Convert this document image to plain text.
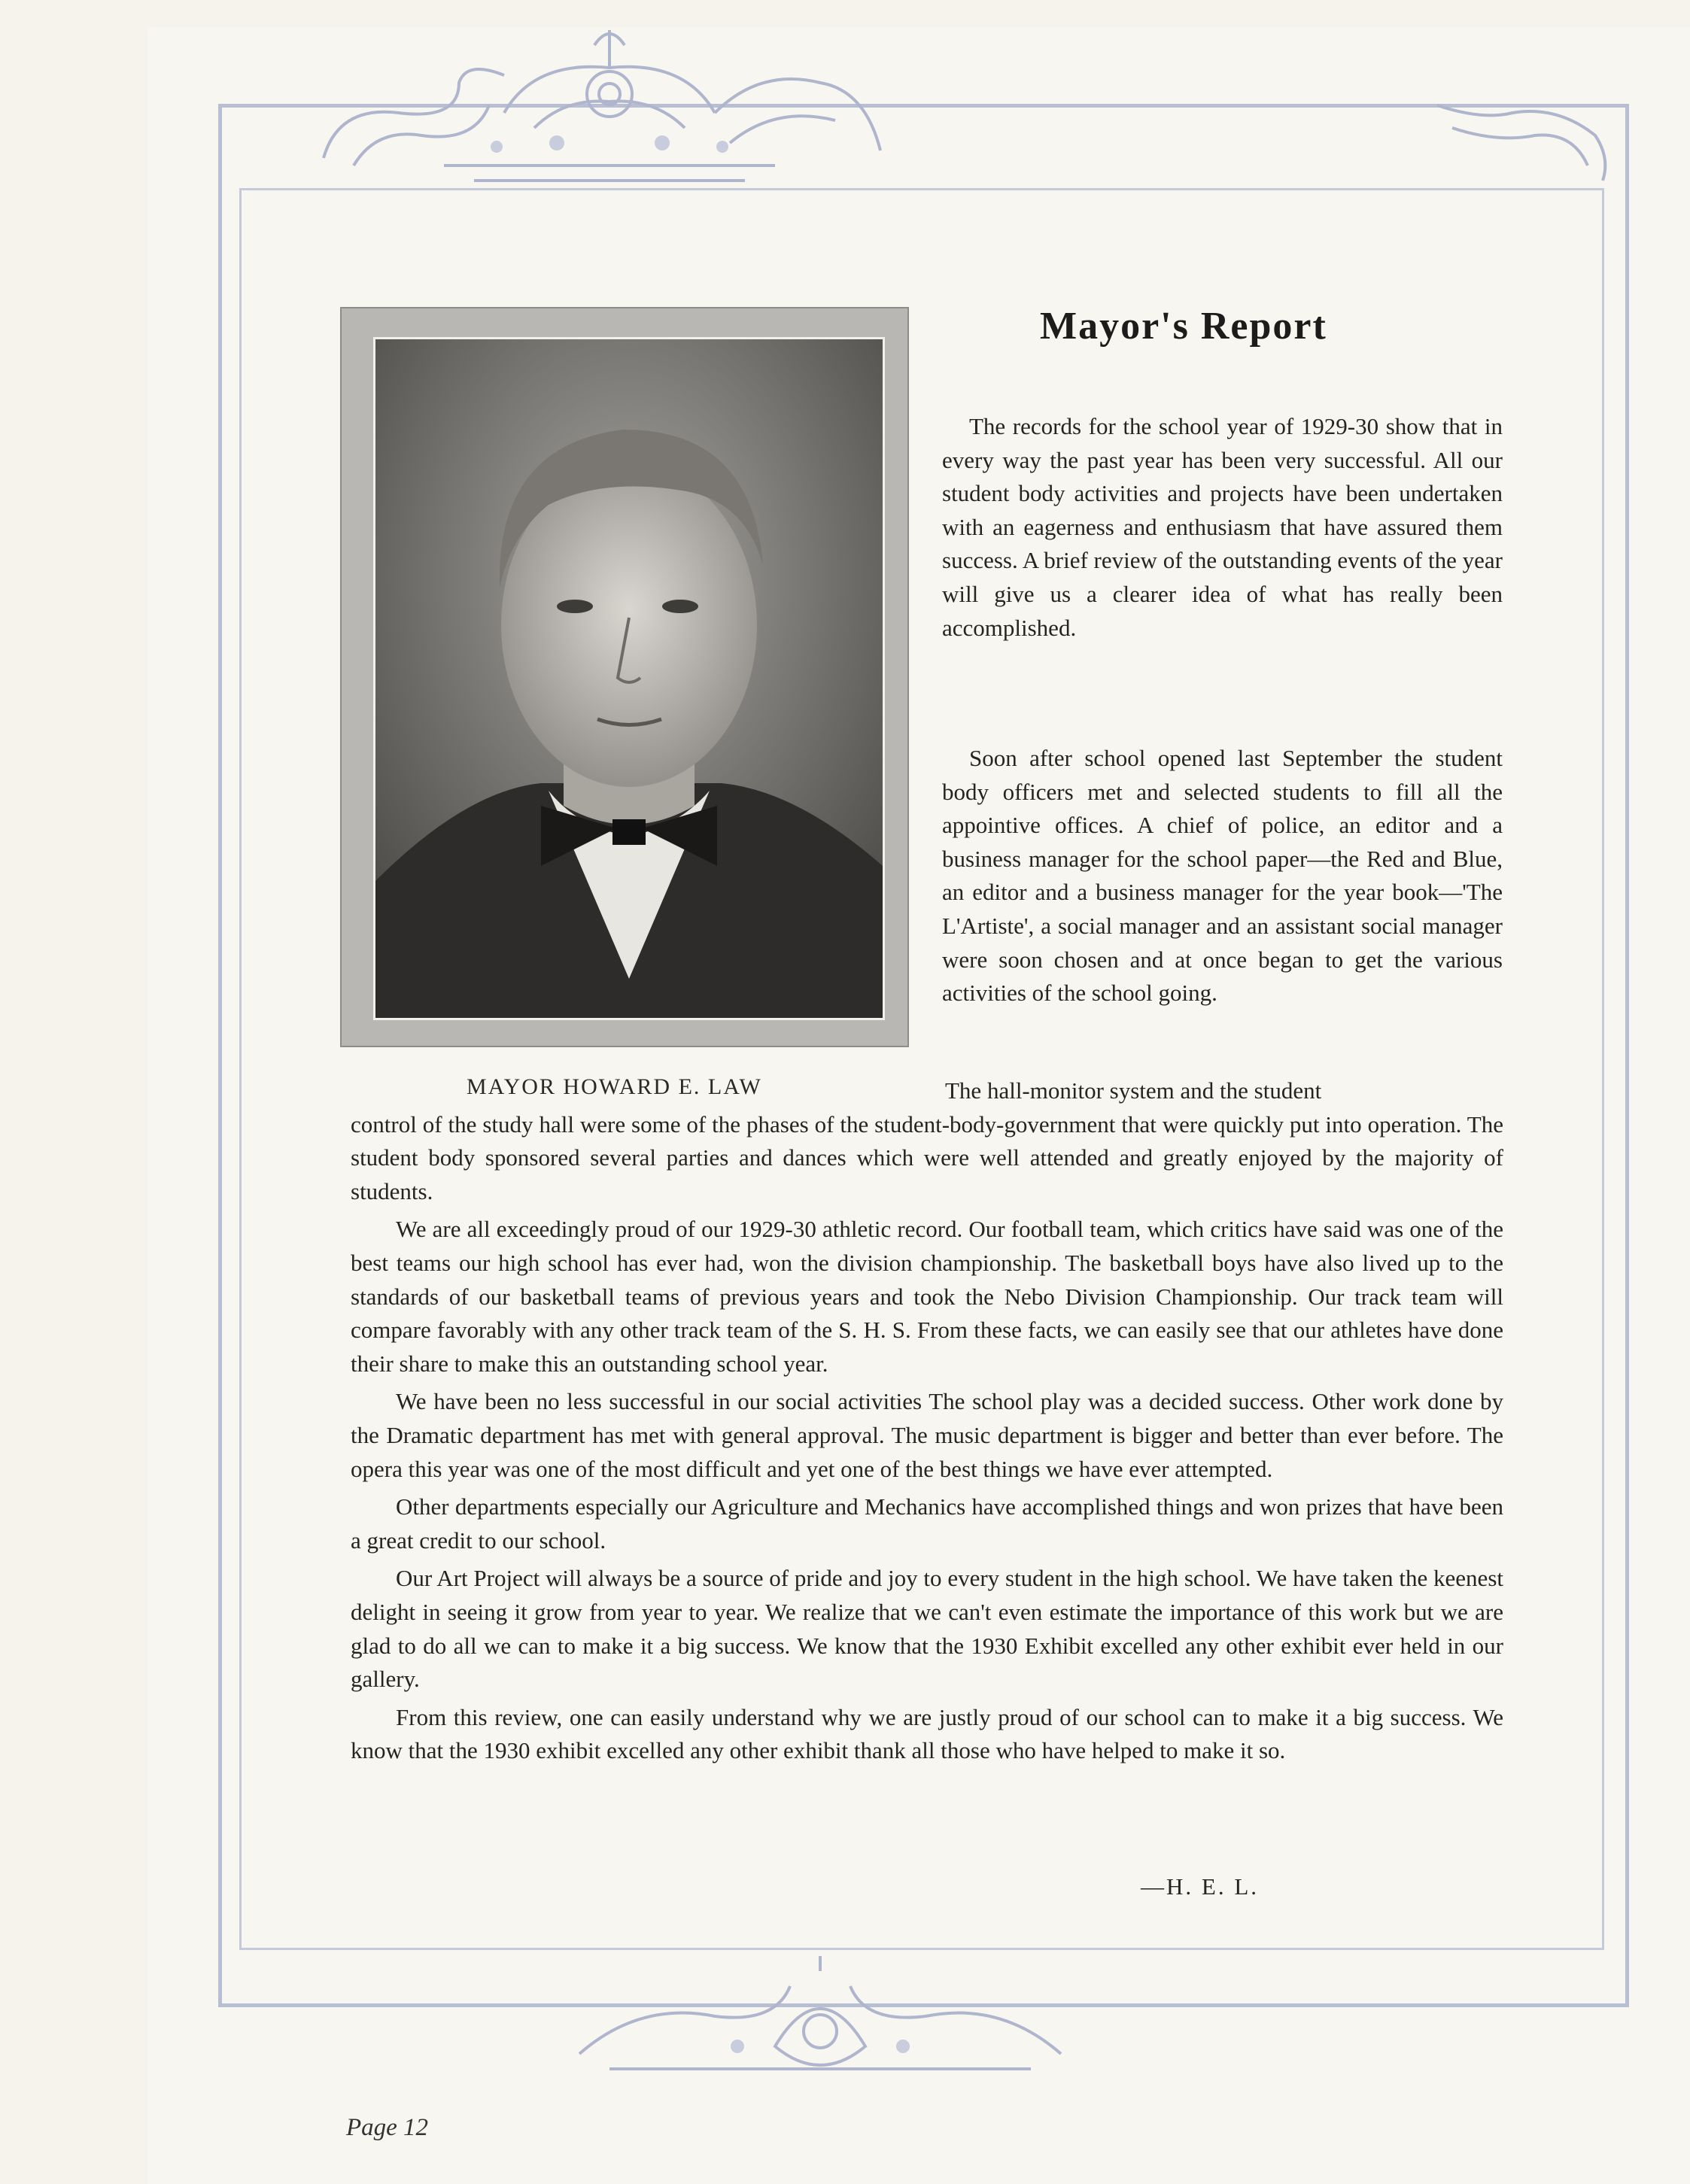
MAYOR HOWARD E. LAW
Mayor's Report

The records for the school year of 1929-30 show that in every way the past year has been very successful. All our student body activities and projects have been undertaken with an eagerness and enthusiasm that have assured them success. A brief review of the outstanding events of the year will give us a clearer idea of what has really been accomplished.

Soon after school opened last September the student body officers met and selected students to fill all the appointive offices. A chief of police, an editor and a business manager for the school paper—the Red and Blue, an editor and a business manager for the year book—'The L'Artiste', a social manager and an assistant social manager were soon chosen and at once began to get the various activities of the school going.

The hall-monitor system and the student
control of the study hall were some of the phases of the student-body-government that were quickly put into operation. The student body sponsored several parties and dances which were well attended and greatly enjoyed by the majority of students.

We are all exceedingly proud of our 1929-30 athletic record. Our football team, which critics have said was one of the best teams our high school has ever had, won the division championship. The basketball boys have also lived up to the standards of our basketball teams of previous years and took the Nebo Division Championship. Our track team will compare favorably with any other track team of the S. H. S. From these facts, we can easily see that our athletes have done their share to make this an outstanding school year.

We have been no less successful in our social activities The school play was a decided success. Other work done by the Dramatic department has met with general approval. The music department is bigger and better than ever before. The opera this year was one of the most difficult and yet one of the best things we have ever attempted.

Other departments especially our Agriculture and Mechanics have accomplished things and won prizes that have been a great credit to our school.

Our Art Project will always be a source of pride and joy to every student in the high school. We have taken the keenest delight in seeing it grow from year to year. We realize that we can't even estimate the importance of this work but we are glad to do all we can to make it a big success. We know that the 1930 Exhibit excelled any other exhibit ever held in our gallery.

From this review, one can easily understand why we are justly proud of our school can to make it a big success. We know that the 1930 exhibit excelled any other exhibit thank all those who have helped to make it so.

—H. E. L.
Page 12
